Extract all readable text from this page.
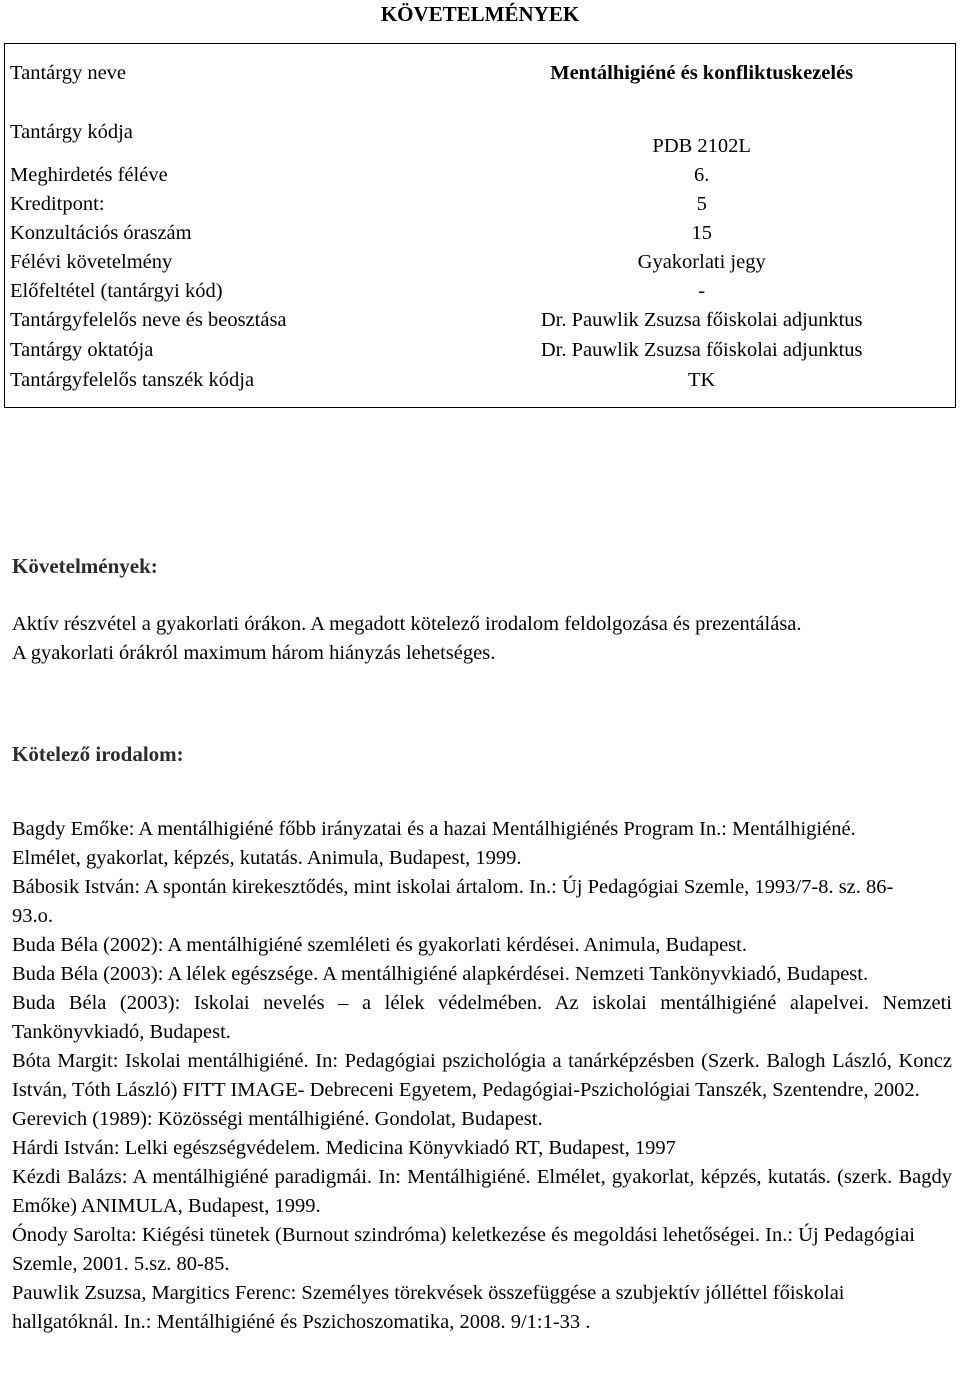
KÖVETELMÉNYEK
Tantárgy neve	Mentálhigiéné és konfliktuskezelés
Tantárgy kódja	PDB 2102L
Meghirdetés féléve	6.
Kreditpont:	5
Konzultációs óraszám	15
Félévi követelmény	Gyakorlati jegy
Előfeltétel (tantárgyi kód)	-
Tantárgyfelelős neve és beosztása	Dr. Pauwlik Zsuzsa főiskolai adjunktus
Tantárgy oktatója	Dr. Pauwlik Zsuzsa főiskolai adjunktus
Tantárgyfelelős tanszék kódja	TK
Követelmények:

Aktív részvétel a gyakorlati órákon. A megadott kötelező irodalom feldolgozása és prezentálása.

A gyakorlati órákról maximum három hiányzás lehetséges.

Kötelező irodalom:

Bagdy Emőke: A mentálhigiéné főbb irányzatai és a hazai Mentálhigiénés Program In.: Mentálhigiéné. Elmélet, gyakorlat, képzés, kutatás. Animula, Budapest, 1999.

Bábosik István: A spontán kirekesztődés, mint iskolai ártalom. In.: Új Pedagógiai Szemle, 1993/7-8. sz. 86-93.o.

Buda Béla (2002): A mentálhigiéné szemléleti és gyakorlati kérdései. Animula, Budapest.

Buda Béla (2003): A lélek egészsége. A mentálhigiéné alapkérdései. Nemzeti Tankönyvkiadó, Budapest.

Buda Béla (2003): Iskolai nevelés – a lélek védelmében. Az iskolai mentálhigiéné alapelvei. Nemzeti Tankönyvkiadó, Budapest.

Bóta Margit: Iskolai mentálhigiéné. In: Pedagógiai pszichológia a tanárképzésben (Szerk. Balogh László, Koncz István, Tóth László) FITT IMAGE- Debreceni Egyetem, Pedagógiai-Pszichológiai Tanszék, Szentendre, 2002.

Gerevich (1989): Közösségi mentálhigiéné. Gondolat, Budapest.

Hárdi István: Lelki egészségvédelem. Medicina Könyvkiadó RT, Budapest, 1997

Kézdi Balázs: A mentálhigiéné paradigmái. In: Mentálhigiéné. Elmélet, gyakorlat, képzés, kutatás. (szerk. Bagdy Emőke) ANIMULA, Budapest, 1999.

Ónody Sarolta: Kiégési tünetek (Burnout szindróma) keletkezése és megoldási lehetőségei. In.: Új Pedagógiai Szemle, 2001. 5.sz. 80-85.

Pauwlik Zsuzsa, Margitics Ferenc: Személyes törekvések összefüggése a szubjektív jólléttel főiskolai hallgatóknál. In.: Mentálhigiéné és Pszichoszomatika, 2008. 9/1:1-33 .
